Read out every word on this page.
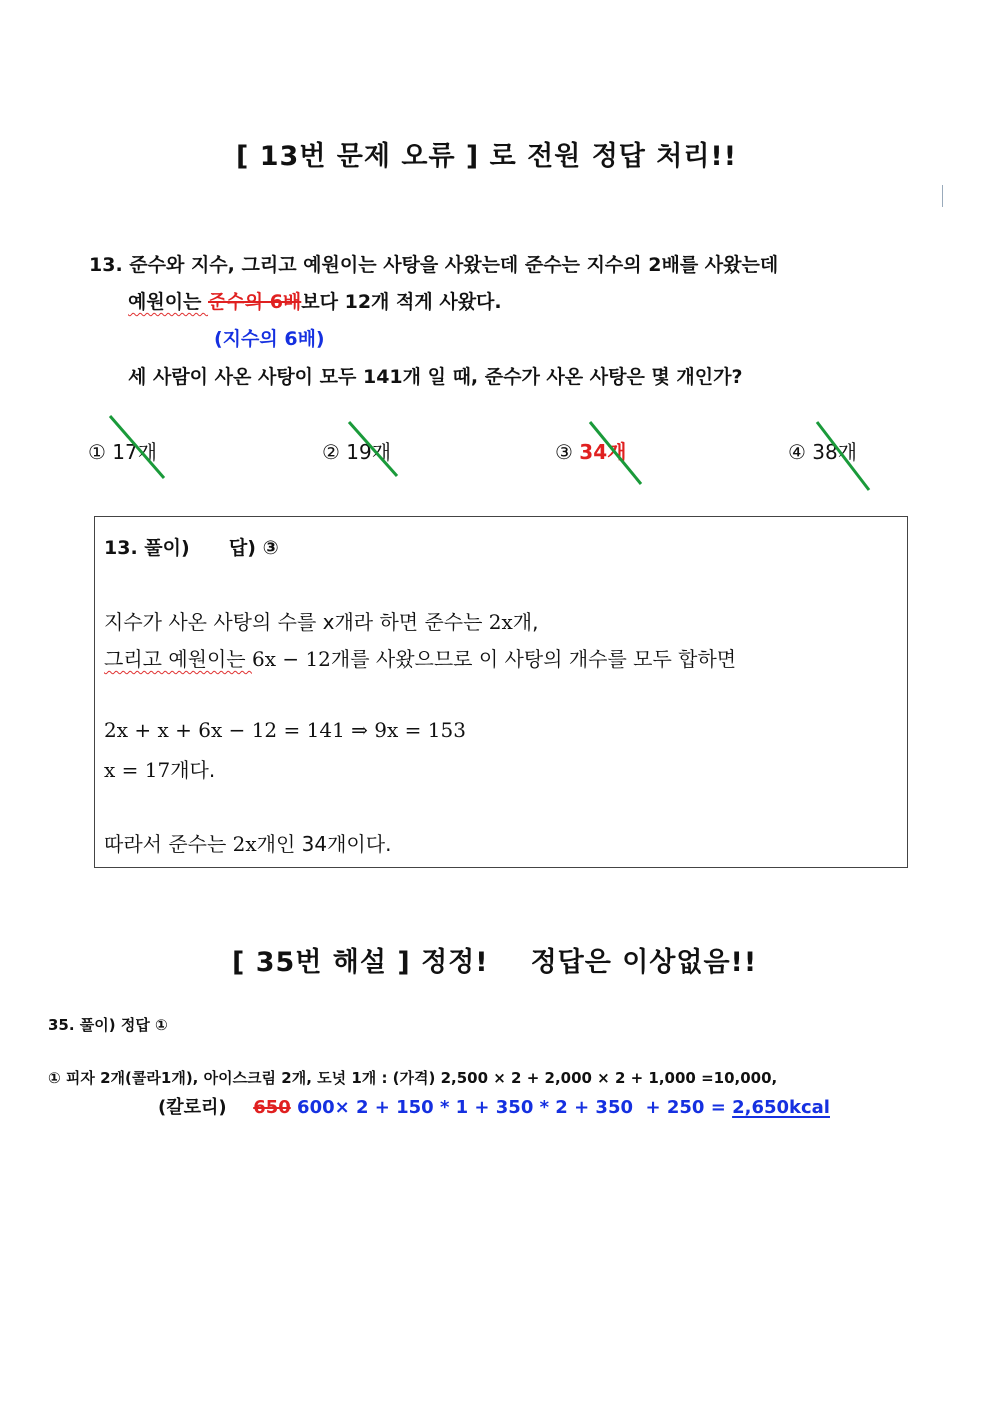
[ 13번 문제 오류 ] 로 전원 정답 처리!!
13. 준수와 지수, 그리고 예원이는 사탕을 사왔는데 준수는 지수의 2배를 사왔는데
예원이는 준수의 6배보다 12개 적게 사왔다.
(지수의 6배)
세 사람이 사온 사탕이 모두 141개 일 때, 준수가 사온 사탕은 몇 개인가?
① 17개	② 19개	③ 34개	④ 38개
13. 풀이) 답) ③
지수가 사온 사탕의 수를 x개라 하면 준수는 2x개,
그리고 예원이는 6x − 12개를 사왔으므로 이 사탕의 개수를 모두 합하면
2x + x + 6x − 12 = 141 ⇒ 9x = 153
x = 17개다.
따라서 준수는 2x개인 34개이다.
[ 35번 해설 ] 정정! 정답은 이상없음!!
35. 풀이) 정답 ①
① 피자 2개(콜라1개), 아이스크림 2개, 도넛 1개 : (가격) 2,500 × 2 + 2,000 × 2 + 1,000 =10,000,
(칼로리) 650 600× 2 + 150 * 1 + 350 * 2 + 350  + 250 = 2,650kcal
